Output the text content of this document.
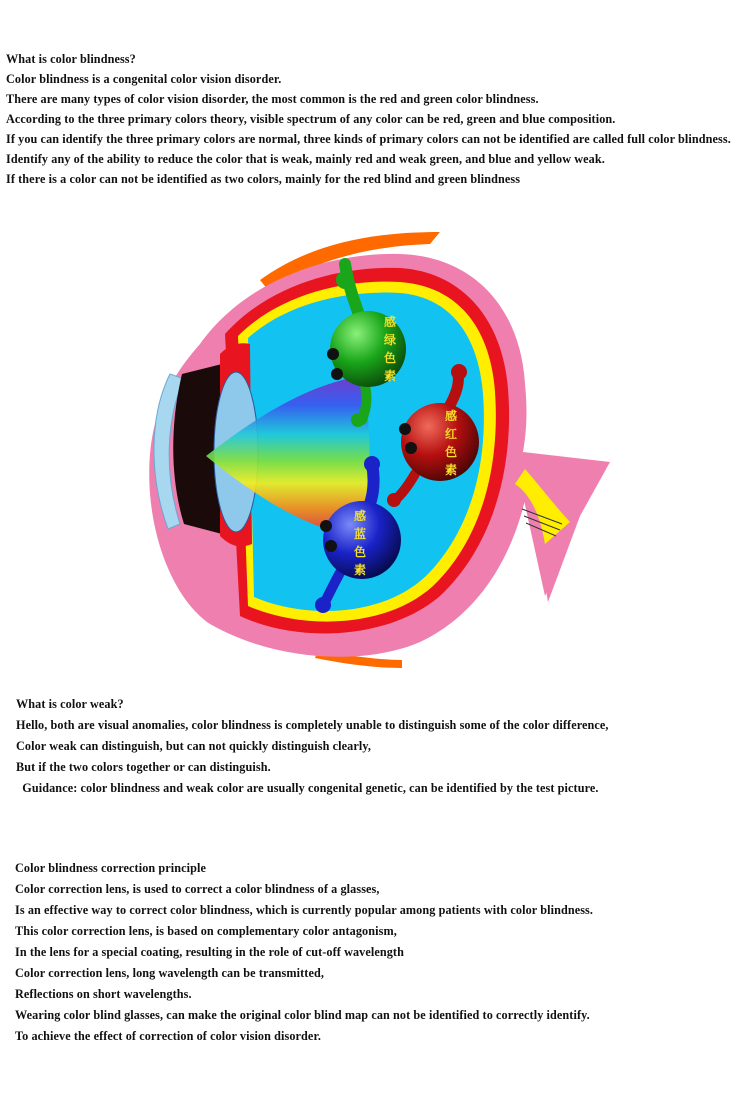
What is color blindness?
Color blindness is a congenital color vision disorder.
There are many types of color vision disorder, the most common is the red and green color blindness.
According to the three primary colors theory, visible spectrum of any color can be red, green and blue composition.
If you can identify the three primary colors are normal, three kinds of primary colors can not be identified are called full color blindness.
Identify any of the ability to reduce the color that is weak, mainly red and weak green, and blue and yellow weak.
If there is a color can not be identified as two colors, mainly for the red blind and green blindness
感
绿
色
素
感
红
色
素
感
蓝
色
素
What is color weak?
Hello, both are visual anomalies, color blindness is completely unable to distinguish some of the color difference,
Color weak can distinguish, but can not quickly distinguish clearly,
But if the two colors together or can distinguish.
Guidance: color blindness and weak color are usually congenital genetic, can be identified by the test picture.
Color blindness correction principle
Color correction lens, is used to correct a color blindness of a glasses,
Is an effective way to correct color blindness, which is currently popular among patients with color blindness.
This color correction lens, is based on complementary color antagonism,
In the lens for a special coating, resulting in the role of cut-off wavelength
Color correction lens, long wavelength can be transmitted,
Reflections on short wavelengths.
Wearing color blind glasses, can make the original color blind map can not be identified to correctly identify.
To achieve the effect of correction of color vision disorder.
